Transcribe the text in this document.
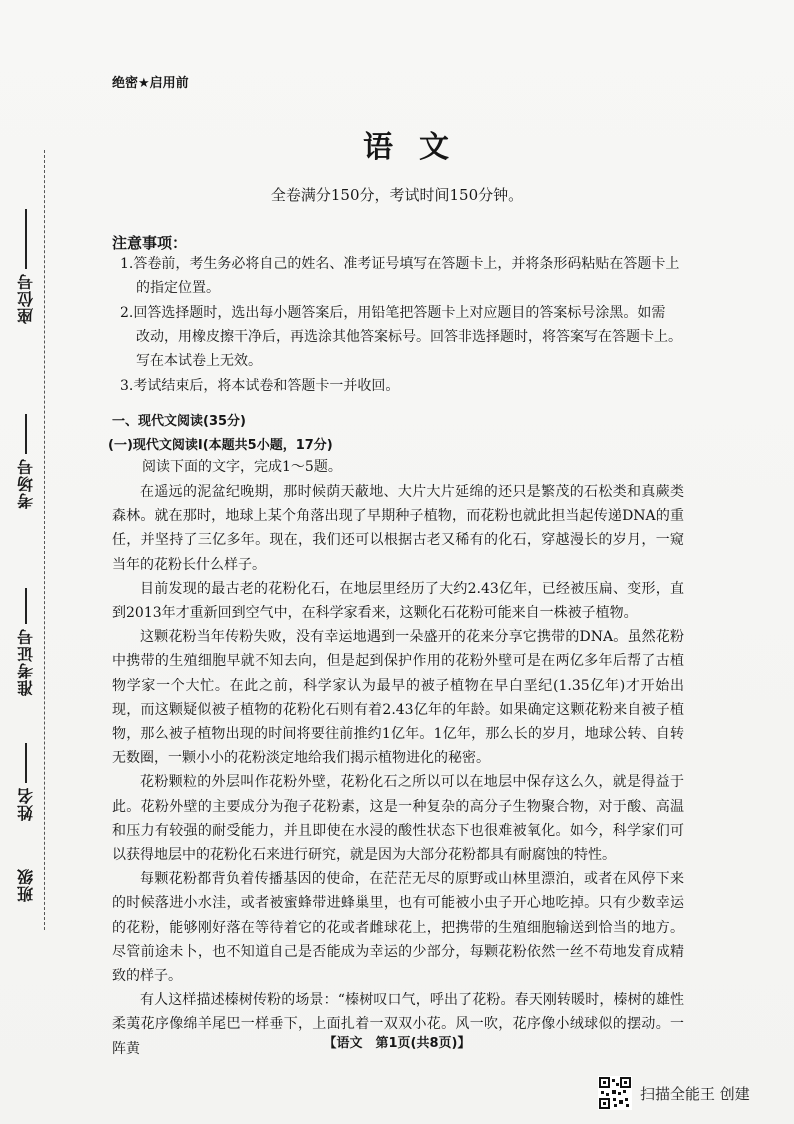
座位号
考场号
准考证号
姓名
班级
绝密★启用前
语文
全卷满分150分，考试时间150分钟。
注意事项：

1.答卷前，考生务必将自己的姓名、准考证号填写在答题卡上，并将条形码粘贴在答题卡上
的指定位置。

2.回答选择题时，选出每小题答案后，用铅笔把答题卡上对应题目的答案标号涂黑。如需
改动，用橡皮擦干净后，再选涂其他答案标号。回答非选择题时，将答案写在答题卡上。
写在本试卷上无效。

3.考试结束后，将本试卷和答题卡一并收回。

一、现代文阅读(35分)
(一)现代文阅读Ⅰ(本题共5小题，17分)
阅读下面的文字，完成1～5题。

在遥远的泥盆纪晚期，那时候荫天蔽地、大片大片延绵的还只是繁茂的石松类和真蕨类森林。就在那时，地球上某个角落出现了早期种子植物，而花粉也就此担当起传递DNA的重任，并坚持了三亿多年。现在，我们还可以根据古老又稀有的化石，穿越漫长的岁月，一窥当年的花粉长什么样子。

目前发现的最古老的花粉化石，在地层里经历了大约2.43亿年，已经被压扁、变形，直到2013年才重新回到空气中，在科学家看来，这颗化石花粉可能来自一株被子植物。

这颗花粉当年传粉失败，没有幸运地遇到一朵盛开的花来分享它携带的DNA。虽然花粉中携带的生殖细胞早就不知去向，但是起到保护作用的花粉外壁可是在两亿多年后帮了古植物学家一个大忙。在此之前，科学家认为最早的被子植物在早白垩纪(1.35亿年)才开始出现，而这颗疑似被子植物的花粉化石则有着2.43亿年的年龄。如果确定这颗花粉来自被子植物，那么被子植物出现的时间将要往前推约1亿年。1亿年，那么长的岁月，地球公转、自转无数圈，一颗小小的花粉淡定地给我们揭示植物进化的秘密。

花粉颗粒的外层叫作花粉外壁，花粉化石之所以可以在地层中保存这么久，就是得益于此。花粉外壁的主要成分为孢子花粉素，这是一种复杂的高分子生物聚合物，对于酸、高温和压力有较强的耐受能力，并且即使在水浸的酸性状态下也很难被氧化。如今，科学家们可以获得地层中的花粉化石来进行研究，就是因为大部分花粉都具有耐腐蚀的特性。

每颗花粉都背负着传播基因的使命，在茫茫无尽的原野或山林里漂泊，或者在风停下来的时候落进小水洼，或者被蜜蜂带进蜂巢里，也有可能被小虫子开心地吃掉。只有少数幸运的花粉，能够刚好落在等待着它的花或者雌球花上，把携带的生殖细胞输送到恰当的地方。尽管前途未卜，也不知道自己是否能成为幸运的少部分，每颗花粉依然一丝不苟地发育成精致的样子。

有人这样描述榛树传粉的场景：“榛树叹口气，呼出了花粉。春天刚转暖时，榛树的雄性柔荑花序像绵羊尾巴一样垂下，上面扎着一双双小花。风一吹，花序像小绒球似的摆动。一阵黄	【语文　第1页(共8页)】
扫描全能王 创建
